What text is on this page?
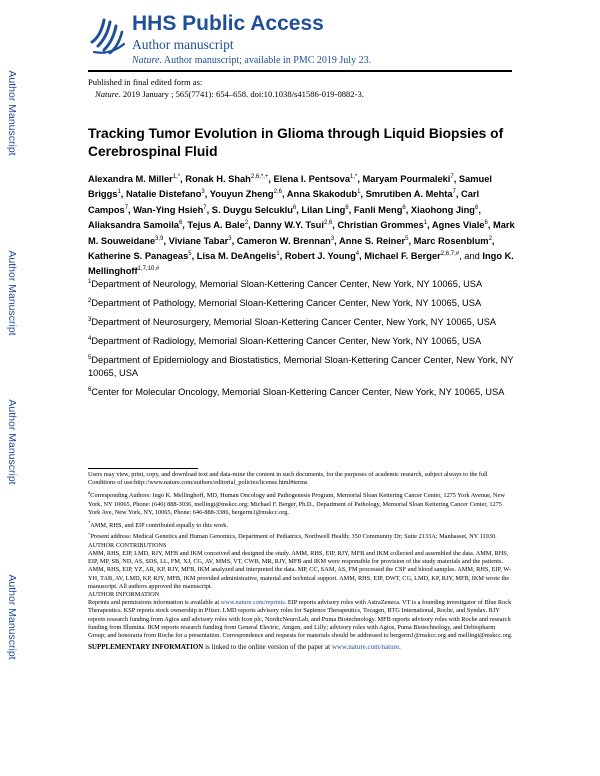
Author Manuscript
Author Manuscript
Author Manuscript
Author Manuscript
HHS Public Access
Author manuscript
Nature. Author manuscript; available in PMC 2019 July 23.
Published in final edited form as:
Nature. 2019 January ; 565(7741): 654–658. doi:10.1038/s41586-019-0882-3.
Tracking Tumor Evolution in Glioma through Liquid Biopsies of Cerebrospinal Fluid
Alexandra M. Miller$^{1,*}$, Ronak H. Shah$^{2,6,*,+}$, Elena I. Pentsova$^{1,*}$, Maryam Pourmaleki$^7$, Samuel Briggs$^1$, Natalie Distefano$^3$, Youyun Zheng$^{2,6}$, Anna Skakodub$^1$, Smrutiben A. Mehta$^7$, Carl Campos$^7$, Wan-Ying Hsieh$^7$, S. Duygu Selcuklu$^6$, Lilan Ling$^6$, Fanli Meng$^6$, Xiaohong Jing$^6$, Aliaksandra Samoila$^6$, Tejus A. Bale$^2$, Danny W.Y. Tsui$^{2,6}$, Christian Grommes$^1$, Agnes Viale$^6$, Mark M. Souweidane$^{3,9}$, Viviane Tabar$^3$, Cameron W. Brennan$^3$, Anne S. Reiner$^5$, Marc Rosenblum$^2$, Katherine S. Panageas$^5$, Lisa M. DeAngelis$^1$, Robert J. Young$^4$, Michael F. Berger$^{2,6,7,\#}$, and Ingo K. Mellinghoff$^{1,7,10,\#}$

$^1$Department of Neurology, Memorial Sloan-Kettering Cancer Center, New York, NY 10065, USA

$^2$Department of Pathology, Memorial Sloan-Kettering Cancer Center, New York, NY 10065, USA

$^3$Department of Neurosurgery, Memorial Sloan-Kettering Cancer Center, New York, NY 10065, USA

$^4$Department of Radiology, Memorial Sloan-Kettering Cancer Center, New York, NY 10065, USA

$^5$Department of Epidemiology and Biostatistics, Memorial Sloan-Kettering Cancer Center, New York, NY 10065, USA

$^6$Center for Molecular Oncology, Memorial Sloan-Kettering Cancer Center, New York, NY 10065, USA

Users may view, print, copy, and download text and data-mine the content in such documents, for the purposes of academic research, subject always to the full Conditions of use:http://www.nature.com/authors/editorial_policies/license.html#terms

#Corresponding Authors: Ingo K. Mellinghoff, MD, Human Oncology and Pathogenesis Program, Memorial Sloan Kettering Cancer Center, 1275 York Avenue, New York, NY 10065, Phone: (646) 888-3036, mellingi@mskcc.org; Michael F. Berger, Ph.D., Department of Pathology, Memorial Sloan Kettering Cancer Center, 1275 York Ave, New York, NY, 10065, Phone: 646-888-3386, bergerm1@mskcc.org.

*AMM, RHS, and EIP contributed equally to this work.

+Present address: Medical Genetics and Human Genomics, Department of Pediatrics, Northwell Health; 350 Community Dr; Suite 2133A; Manhasset, NY 11030.

AUTHOR CONTRIBUTIONS

AMM, RHS, EIP, LMD, RJY, MFB and IKM conceived and designed the study. AMM, RHS, EIP, RJY, MFB and IKM collected and assembled the data. AMM, RHS, EIP, MP, SB, ND, AS, SDS, LL, FM, XJ, CG, AV, MMS, VT, CWB, MR, RJY, MFB and IKM were responsible for provision of the study materials and the patients. AMM, RHS, EIP, YZ, AR, KP, RJY, MFB, IKM analyzed and interpreted the data. MP, CC, SAM, AS, FM processed the CSF and blood samples. AMM, RHS, EIP, W-YH, TAB, AV, LMD, KP, RJY, MFB, IKM provided administrative, material and technical support. AMM, RHS, EIP, DWT, CG, LMD, KP, RJY, MFB, IKM wrote the manuscript. All authors approved the manuscript.

AUTHOR INFORMATION

Reprints and permissions information is available at www.nature.com/reprints. EIP reports advisory roles with AstraZeneca. VT is a founding investigator of Blue Rock Therapeutics. KSP reports stock ownership in Pfizer. LMD reports advisory roles for Sapience Therapeutics, Tocagen, BTG International, Roche, and Syndax. RJY reports research funding from Agios and advisory roles with Icon plc, NordicNeuroLab, and Puma Biotechnology. MFB reports advisory roles with Roche and research funding from Illumina. IKM reports research funding from General Electric, Amgen, and Lilly; advisory roles with Agios, Puma Biotechnology, and Debiopharm Group; and honoraria from Roche for a presentation. Correspondence and requests for materials should be addressed to bergerm1@mskcc.org and mellingi@mskcc.org.

SUPPLEMENTARY INFORMATION is linked to the online version of the paper at www.nature.com/nature.
